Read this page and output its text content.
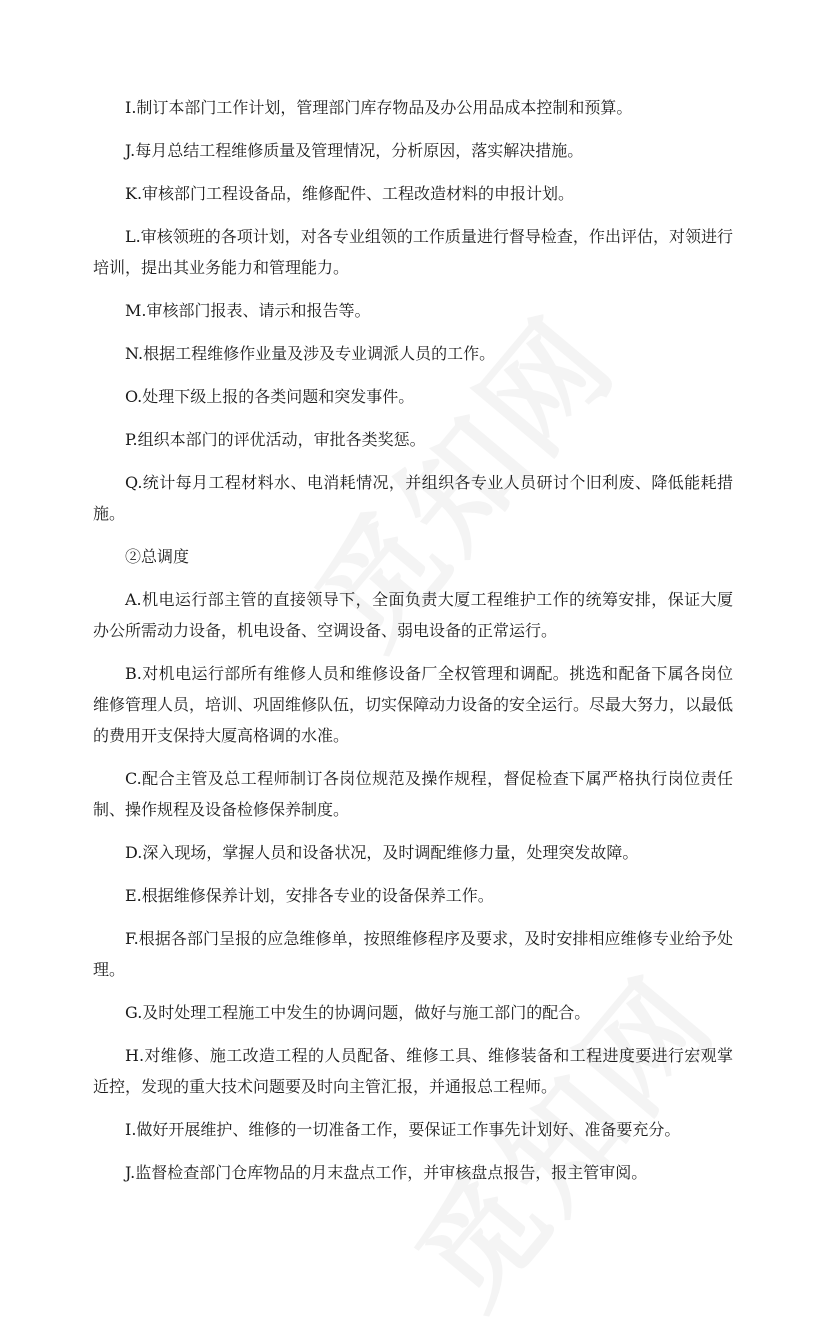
I.制订本部门工作计划，管理部门库存物品及办公用品成本控制和预算。

J.每月总结工程维修质量及管理情况，分析原因，落实解决措施。

K.审核部门工程设备品，维修配件、工程改造材料的申报计划。

L.审核领班的各项计划，对各专业组领的工作质量进行督导检查，作出评估，对领进行培训，提出其业务能力和管理能力。

M.审核部门报表、请示和报告等。

N.根据工程维修作业量及涉及专业调派人员的工作。

O.处理下级上报的各类问题和突发事件。

P.组织本部门的评优活动，审批各类奖惩。

Q.统计每月工程材料水、电消耗情况，并组织各专业人员研讨个旧利废、降低能耗措施。

②总调度

A.机电运行部主管的直接领导下，全面负责大厦工程维护工作的统筹安排，保证大厦办公所需动力设备，机电设备、空调设备、弱电设备的正常运行。

B.对机电运行部所有维修人员和维修设备厂全权管理和调配。挑选和配备下属各岗位维修管理人员，培训、巩固维修队伍，切实保障动力设备的安全运行。尽最大努力，以最低的费用开支保持大厦高格调的水准。

C.配合主管及总工程师制订各岗位规范及操作规程，督促检查下属严格执行岗位责任制、操作规程及设备检修保养制度。

D.深入现场，掌握人员和设备状况，及时调配维修力量，处理突发故障。

E.根据维修保养计划，安排各专业的设备保养工作。

F.根据各部门呈报的应急维修单，按照维修程序及要求，及时安排相应维修专业给予处理。

G.及时处理工程施工中发生的协调问题，做好与施工部门的配合。

H.对维修、施工改造工程的人员配备、维修工具、维修装备和工程进度要进行宏观掌近控，发现的重大技术问题要及时向主管汇报，并通报总工程师。

I.做好开展维护、维修的一切准备工作，要保证工作事先计划好、准备要充分。

J.监督检查部门仓库物品的月末盘点工作，并审核盘点报告，报主管审阅。
